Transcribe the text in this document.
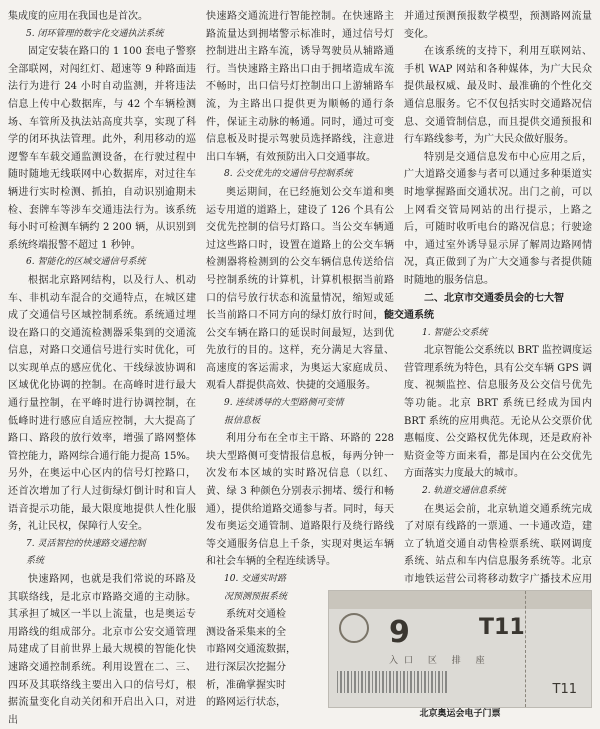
集成度的应用在我国也是首次。

5. 闭环管理的数字化交通执法系统

固定安装在路口的 1 100 套电子警察全部联网，对闯红灯、超速等 9 种路面违法行为进行 24 小时自动监测，并将违法信息上传中心数据库，与 42 个车辆检测场、车管所及执法站高度共享，实现了科学的闭环执法管理。此外，利用移动的巡逻警车车载交通监测设备，在行驶过程中随时随地无线联网中心数据库，对过往车辆进行实时检测、抓拍，自动识别逾期未检、套牌车等涉车交通违法行为。该系统每小时可检测车辆约 2 200 辆，从识别到系统终端报警不超过 1 秒钟。

6. 智能化的区域交通信号系统

根据北京路网结构，以及行人、机动车、非机动车混合的交通特点，在城区建成了交通信号区域控制系统。系统通过埋设在路口的交通流检测器采集到的交通流信息，对路口交通信号进行实时优化，可以实现单点的感应优化、干线绿波协调和区域优化协调的控制。在高峰时进行最大通行量控制，在平峰时进行协调控制，在低峰时进行感应自适应控制，大大提高了路口、路段的放行效率，增强了路网整体管控能力，路网综合通行能力提高 15%。另外，在奥运中心区内的信号灯控路口，还首次增加了行人过街绿灯倒计时和盲人语音提示功能，最大限度地提供人性化服务，礼让民权，保障行人安全。

7. 灵活智控的快速路交通控制
系统

快速路网，也就是我们常说的环路及其联络线，是北京市路路交通的主动脉。其承担了城区一半以上流量，也是奥运专用路线的组成部分。北京市公安交通管理局建成了目前世界上最大规模的智能化快速路交通控制系统。利用设置在二、三、四环及其联络线主要出入口的信号灯，根据流量变化自动关闭和开启出入口，对进出

快速路交通流进行智能控制。在快速路主路流量达到拥堵警示标准时，通过信号灯控制进出主路车流，诱导驾驶员从辅路通行。当快速路主路出口由于拥堵造成车流不畅时，出口信号灯控制出口上游辅路车流，为主路出口提供更为顺畅的通行条件，保证主动脉的畅通。同时，通过可变信息板及时提示驾驶员选择路线，注意进出口车辆，有效预防出入口交通事故。

8. 公交优先的交通信号控制系统

奥运期间，在已经施划公交车道和奥运专用道的道路上，建设了 126 个具有公交优先控制的信号灯路口。当公交车辆通过这些路口时，设置在道路上的公交车辆检测器将检测到的公交车辆信息传送给信号控制系统的计算机，计算机根据当前路口的信号放行状态和流量情况，缩短或延长当前路口不同方向的绿灯放行时间，使公交车辆在路口的延误时间最短，达到优先放行的目的。这样，充分满足大容量、高速度的客运需求，为奥运大家庭成员、观看人群提供高效、快捷的交通服务。

9. 连续诱导的大型路侧可变情
报信息板

利用分布在全市主干路、环路的 228 块大型路侧可变情报信息板，每两分钟一次发布本区域的实时路况信息（以红、黄、绿 3 种颜色分别表示拥堵、缓行和畅通），提供给道路交通参与者。同时，每天发布奥运交通管制、道路限行及绕行路线等交通服务信息上千条，实现对奥运车辆和社会车辆的全程连续诱导。

10. 交通实时路
况预测预报系统

系统对交通检

测设备采集来的全

市路网交通流数据，

进行深层次挖掘分

析，准确掌握实时

的路网运行状态，

并通过预测预报数学模型，预测路网流量变化。

在该系统的支持下，利用互联网站、手机 WAP 网站和各种媒体，为广大民众提供最权威、最及时、最准确的个性化交通信息服务。它不仅包括实时交通路况信息、交通管制信息，而且提供交通预报和行车路线参考，为广大民众做好服务。

特别是交通信息发布中心应用之后，广大道路交通参与者可以通过多种渠道实时地掌握路面交通状况。出门之前，可以上网看交管局网站的出行提示，上路之后，可随时收听电台的路况信息；行驶途中，通过室外诱导显示屏了解周边路网情况，真正做到了为广大交通参与者提供随时随地的服务信息。

二、北京市交通委员会的七大智
能交通系统

1. 智能公交系统

北京智能公交系统以 BRT 监控调度运营管理系统为特色，具有公交车辆 GPS 调度、视频监控、信息服务及公交信号优先等功能。北京 BRT 系统已经成为国内 BRT 系统的应用典范。无论从公交票价优惠幅度、公交路权优先体现，还是政府补贴资金等方面来看，都是国内在公交优先方面落实力度最大的城市。

2. 轨道交通信息系统

在奥运会前，北京轨道交通系统完成了对原有线路的一票通、一卡通改造，建立了轨道交通自动售检票系统、联网调度系统、站点和车内信息服务系统等。北京市地铁运营公司将移动数字广播技术应用

9	T11
入口 区 排 座
T11
北京奥运会电子门票
